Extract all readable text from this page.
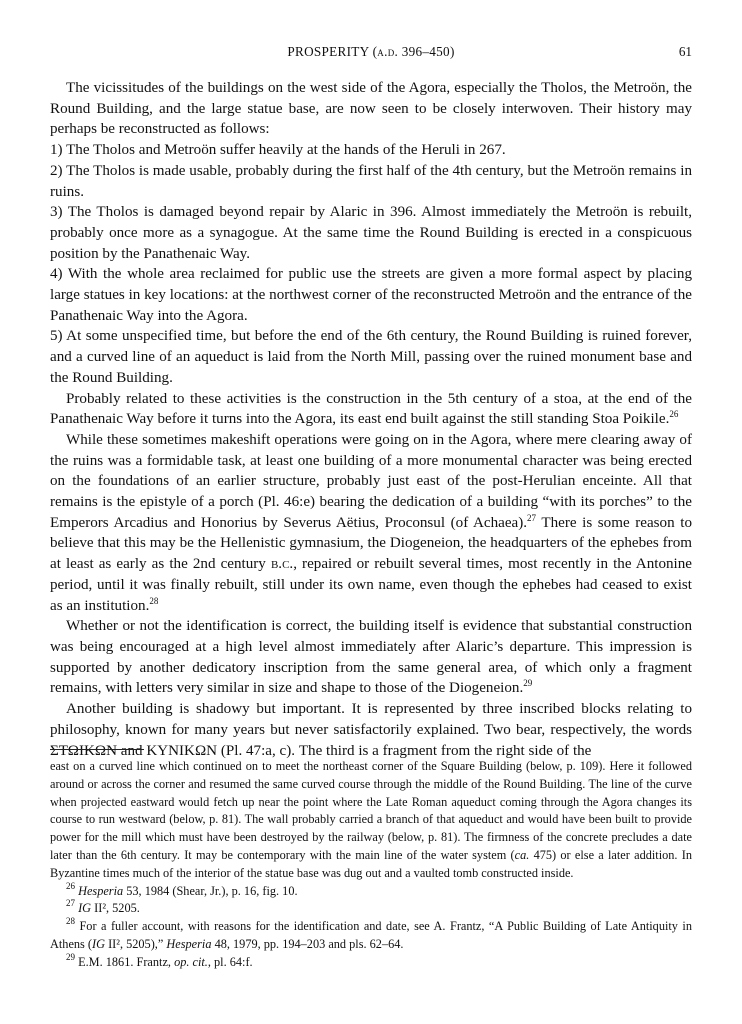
PROSPERITY (a.d. 396–450)	61

The vicissitudes of the buildings on the west side of the Agora, especially the Tholos, the Metroön, the Round Building, and the large statue base, are now seen to be closely interwoven. Their history may perhaps be reconstructed as follows:

1) The Tholos and Metroön suffer heavily at the hands of the Heruli in 267.

2) The Tholos is made usable, probably during the first half of the 4th century, but the Metroön remains in ruins.

3) The Tholos is damaged beyond repair by Alaric in 396. Almost immediately the Metroön is rebuilt, probably once more as a synagogue. At the same time the Round Building is erected in a conspicuous position by the Panathenaic Way.

4) With the whole area reclaimed for public use the streets are given a more formal aspect by placing large statues in key locations: at the northwest corner of the reconstructed Metroön and the entrance of the Panathenaic Way into the Agora.

5) At some unspecified time, but before the end of the 6th century, the Round Building is ruined forever, and a curved line of an aqueduct is laid from the North Mill, passing over the ruined monument base and the Round Building.

Probably related to these activities is the construction in the 5th century of a stoa, at the end of the Panathenaic Way before it turns into the Agora, its east end built against the still standing Stoa Poikile.$^{26}$

While these sometimes makeshift operations were going on in the Agora, where mere clearing away of the ruins was a formidable task, at least one building of a more monumental character was being erected on the foundations of an earlier structure, probably just east of the post-Herulian enceinte. All that remains is the epistyle of a porch (Pl. 46:e) bearing the dedication of a building “with its porches” to the Emperors Arcadius and Honorius by Severus Aëtius, Proconsul (of Achaea).$^{27}$ There is some reason to believe that this may be the Hellenistic gymnasium, the Diogeneion, the headquarters of the ephebes from at least as early as the 2nd century b.c., repaired or rebuilt several times, most recently in the Antonine period, until it was finally rebuilt, still under its own name, even though the ephebes had ceased to exist as an institution.$^{28}$

Whether or not the identification is correct, the building itself is evidence that substantial construction was being encouraged at a high level almost immediately after Alaric’s departure. This impression is supported by another dedicatory inscription from the same general area, of which only a fragment remains, with letters very similar in size and shape to those of the Diogeneion.$^{29}$

Another building is shadowy but important. It is represented by three inscribed blocks relating to philosophy, known for many years but never satisfactorily explained. Two bear, respectively, the words ΣΤΩΙΚΩΝ and ΚΥΝΙΚΩΝ (Pl. 47:a, c). The third is a fragment from the right side of the

east on a curved line which continued on to meet the northeast corner of the Square Building (below, p. 109). Here it followed around or across the corner and resumed the same curved course through the middle of the Round Building. The line of the curve when projected eastward would fetch up near the point where the Late Roman aqueduct coming through the Agora changes its course to run westward (below, p. 81). The wall probably carried a branch of that aqueduct and would have been built to provide power for the mill which must have been destroyed by the railway (below, p. 81). The firmness of the concrete precludes a date later than the 6th century. It may be contemporary with the main line of the water system (ca. 475) or else a later addition. In Byzantine times much of the interior of the statue base was dug out and a vaulted tomb constructed inside.

$^{26}$ Hesperia 53, 1984 (Shear, Jr.), p. 16, fig. 10.

$^{27}$ IG II², 5205.

$^{28}$ For a fuller account, with reasons for the identification and date, see A. Frantz, “A Public Building of Late Antiquity in Athens (IG II², 5205),” Hesperia 48, 1979, pp. 194–203 and pls. 62–64.

$^{29}$ E.M. 1861. Frantz, op. cit., pl. 64:f.
